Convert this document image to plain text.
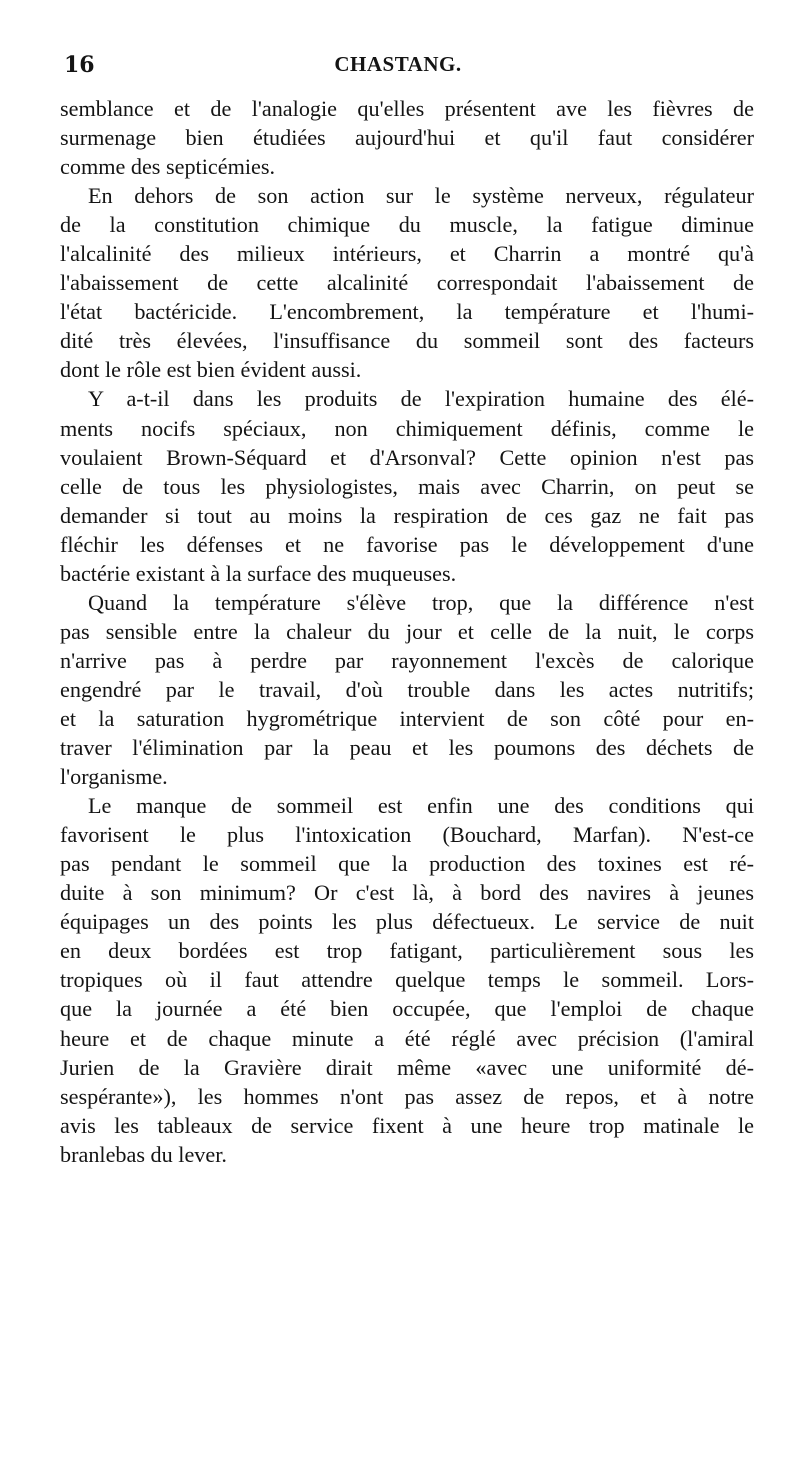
16	CHASTANG.

semblance et de l'analogie qu'elles présentent ave les fièvres de
surmenage bien étudiées aujourd'hui et qu'il faut considérer
comme des septicémies.

En dehors de son action sur le système nerveux, régulateur
de la constitution chimique du muscle, la fatigue diminue
l'alcalinité des milieux intérieurs, et Charrin a montré qu'à
l'abaissement de cette alcalinité correspondait l'abaissement de
l'état bactéricide. L'encombrement, la température et l'humi-
dité très élevées, l'insuffisance du sommeil sont des facteurs
dont le rôle est bien évident aussi.

Y a-t-il dans les produits de l'expiration humaine des élé-
ments nocifs spéciaux, non chimiquement définis, comme le
voulaient Brown-Séquard et d'Arsonval? Cette opinion n'est pas
celle de tous les physiologistes, mais avec Charrin, on peut se
demander si tout au moins la respiration de ces gaz ne fait pas
fléchir les défenses et ne favorise pas le développement d'une
bactérie existant à la surface des muqueuses.

Quand la température s'élève trop, que la différence n'est
pas sensible entre la chaleur du jour et celle de la nuit, le corps
n'arrive pas à perdre par rayonnement l'excès de calorique
engendré par le travail, d'où trouble dans les actes nutritifs;
et la saturation hygrométrique intervient de son côté pour en-
traver l'élimination par la peau et les poumons des déchets de
l'organisme.

Le manque de sommeil est enfin une des conditions qui
favorisent le plus l'intoxication (Bouchard, Marfan). N'est-ce
pas pendant le sommeil que la production des toxines est ré-
duite à son minimum? Or c'est là, à bord des navires à jeunes
équipages un des points les plus défectueux. Le service de nuit
en deux bordées est trop fatigant, particulièrement sous les
tropiques où il faut attendre quelque temps le sommeil. Lors-
que la journée a été bien occupée, que l'emploi de chaque
heure et de chaque minute a été réglé avec précision (l'amiral
Jurien de la Gravière dirait même «avec une uniformité dé-
sespérante»), les hommes n'ont pas assez de repos, et à notre
avis les tableaux de service fixent à une heure trop matinale le
branlebas du lever.
